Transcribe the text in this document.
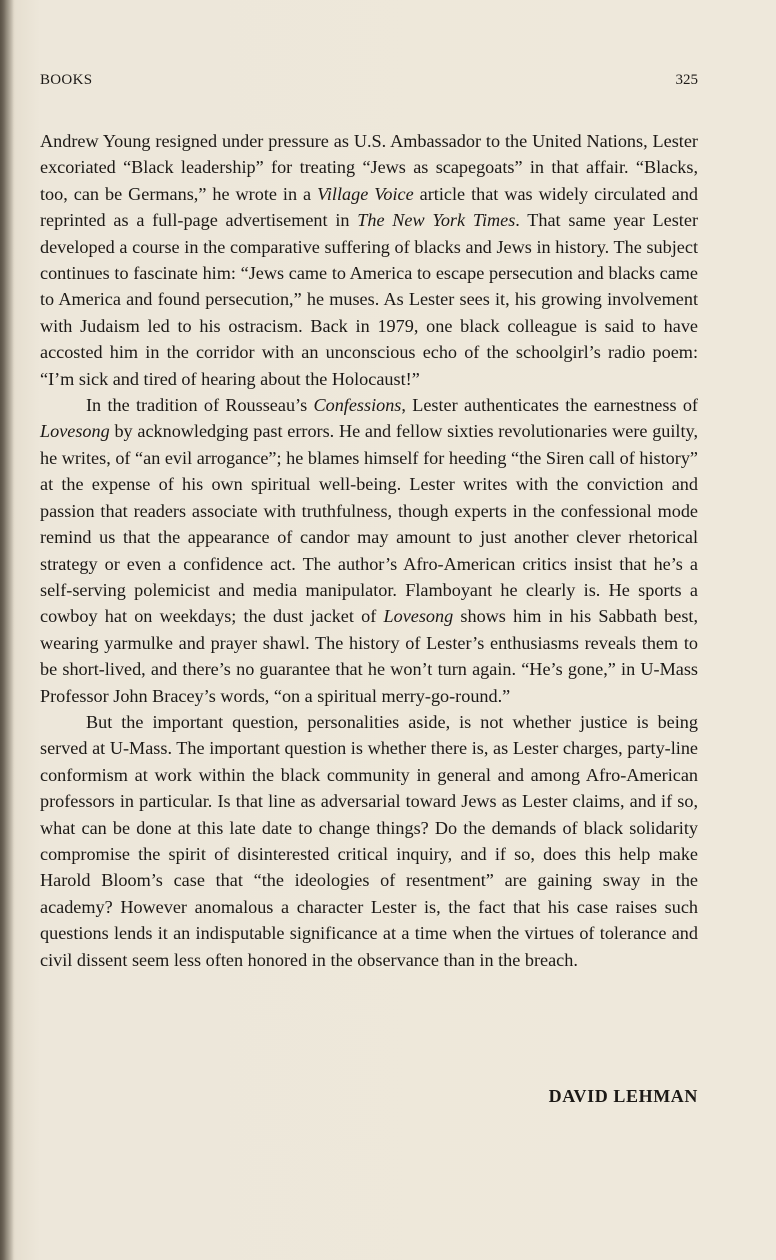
BOOKS	325

Andrew Young resigned under pressure as U.S. Ambassador to the United Nations, Lester excoriated “Black leadership” for treating “Jews as scapegoats” in that affair. “Blacks, too, can be Germans,” he wrote in a Village Voice article that was widely circulated and reprinted as a full-page advertisement in The New York Times. That same year Lester developed a course in the comparative suffering of blacks and Jews in history. The subject continues to fascinate him: “Jews came to America to escape persecution and blacks came to America and found persecution,” he muses. As Lester sees it, his growing involvement with Judaism led to his ostracism. Back in 1979, one black colleague is said to have accosted him in the corridor with an unconscious echo of the schoolgirl’s radio poem: “I’m sick and tired of hearing about the Holocaust!”

In the tradition of Rousseau’s Confessions, Lester authenticates the earnestness of Lovesong by acknowledging past errors. He and fellow sixties revolutionaries were guilty, he writes, of “an evil arrogance”; he blames himself for heeding “the Siren call of history” at the expense of his own spiritual well-being. Lester writes with the conviction and passion that readers associate with truthfulness, though experts in the confessional mode remind us that the appearance of candor may amount to just another clever rhetorical strategy or even a confidence act. The author’s Afro-American critics insist that he’s a self-serving polemicist and media manipulator. Flamboyant he clearly is. He sports a cowboy hat on weekdays; the dust jacket of Lovesong shows him in his Sabbath best, wearing yarmulke and prayer shawl. The history of Lester’s enthusiasms reveals them to be short-lived, and there’s no guarantee that he won’t turn again. “He’s gone,” in U-Mass Professor John Bracey’s words, “on a spiritual merry-go-round.”

But the important question, personalities aside, is not whether justice is being served at U-Mass. The important question is whether there is, as Lester charges, party-line conformism at work within the black community in general and among Afro-American professors in particular. Is that line as adversarial toward Jews as Lester claims, and if so, what can be done at this late date to change things? Do the demands of black solidarity compromise the spirit of disinterested critical inquiry, and if so, does this help make Harold Bloom’s case that “the ideologies of resentment” are gaining sway in the academy? However anomalous a character Lester is, the fact that his case raises such questions lends it an indisputable significance at a time when the virtues of tolerance and civil dissent seem less often honored in the observance than in the breach.

DAVID LEHMAN
